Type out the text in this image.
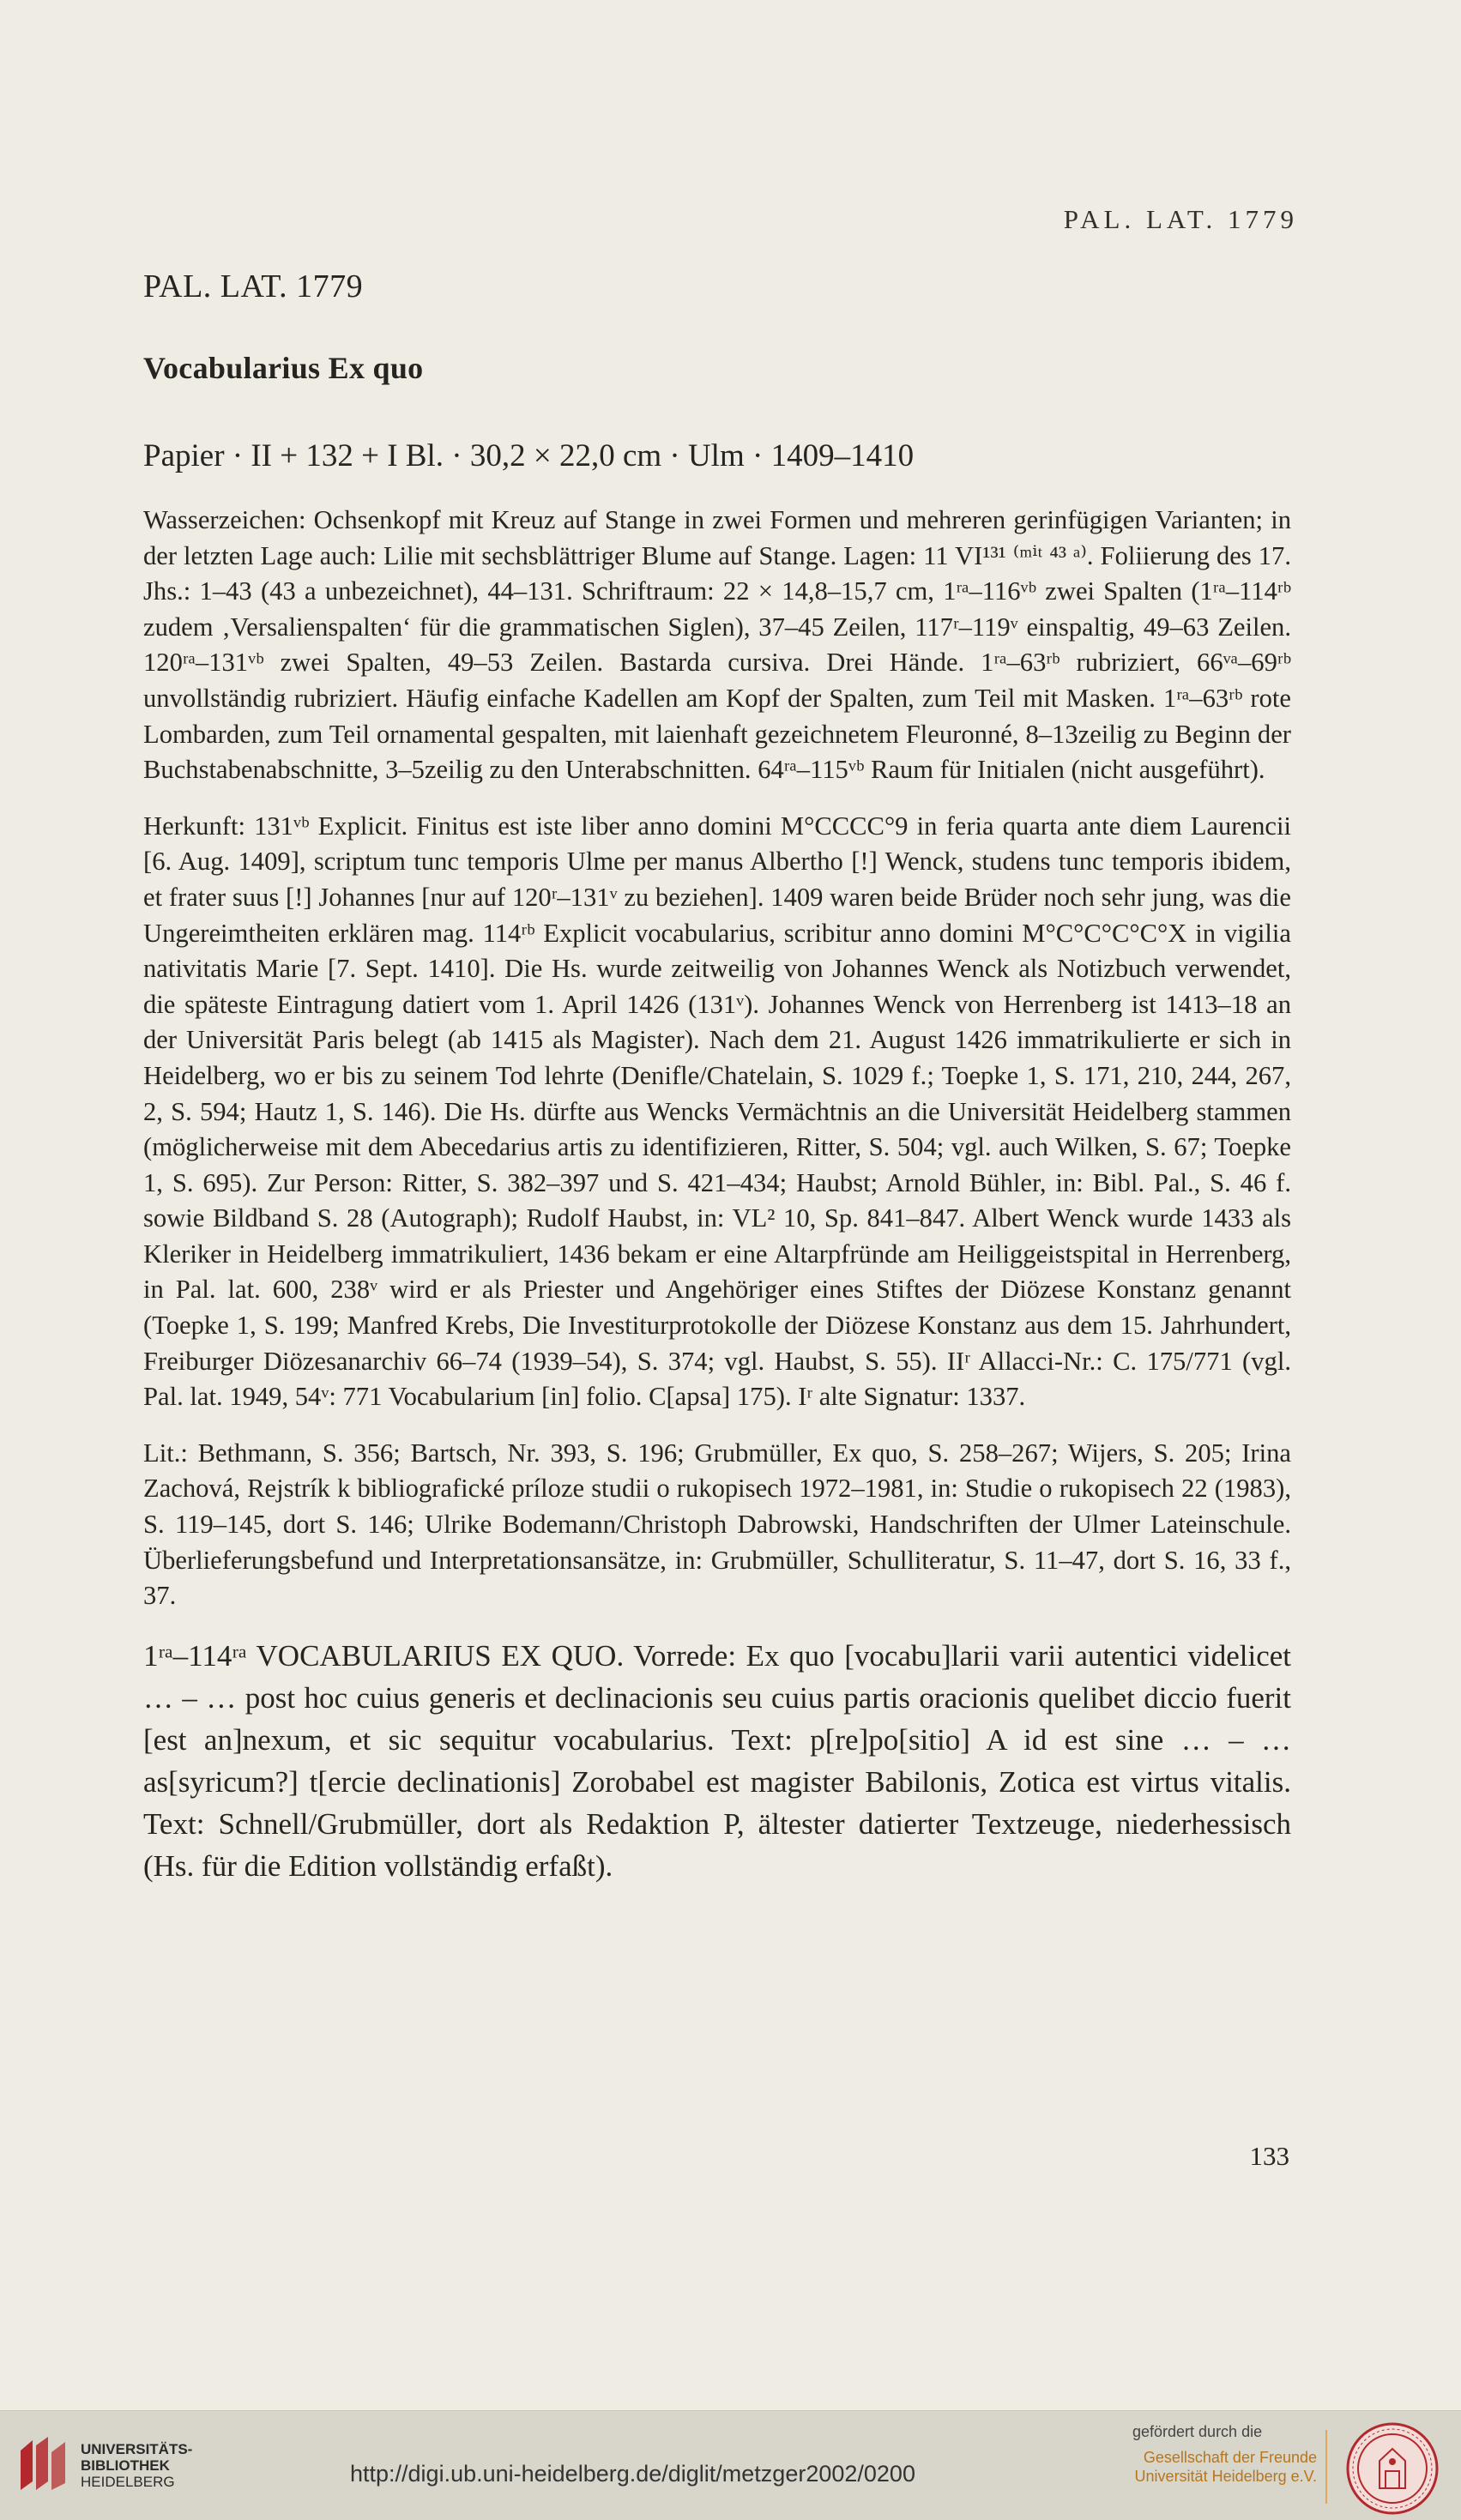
PAL. LAT. 1779
PAL. LAT. 1779
Vocabularius Ex quo
Papier · II + 132 + I Bl. · 30,2 × 22,0 cm · Ulm · 1409–1410

Wasserzeichen: Ochsenkopf mit Kreuz auf Stange in zwei Formen und mehreren gerinfügigen Varianten; in der letzten Lage auch: Lilie mit sechsblättriger Blume auf Stange. Lagen: 11 VI¹³¹ ⁽ᵐⁱᵗ ⁴³ ᵃ⁾. Foliierung des 17. Jhs.: 1–43 (43 a unbezeichnet), 44–131. Schriftraum: 22 × 14,8–15,7 cm, 1ʳᵃ–116ᵛᵇ zwei Spalten (1ʳᵃ–114ʳᵇ zudem ‚Versalienspalten‘ für die grammatischen Siglen), 37–45 Zeilen, 117ʳ–119ᵛ einspaltig, 49–63 Zeilen. 120ʳᵃ–131ᵛᵇ zwei Spalten, 49–53 Zeilen. Bastarda cursiva. Drei Hände. 1ʳᵃ–63ʳᵇ rubriziert, 66ᵛᵃ–69ʳᵇ unvollständig rubriziert. Häufig einfache Kadellen am Kopf der Spalten, zum Teil mit Masken. 1ʳᵃ–63ʳᵇ rote Lombarden, zum Teil ornamental gespalten, mit laienhaft gezeichnetem Fleuronné, 8–13zeilig zu Beginn der Buchstabenabschnitte, 3–5zeilig zu den Unterabschnitten. 64ʳᵃ–115ᵛᵇ Raum für Initialen (nicht ausgeführt).

Herkunft: 131ᵛᵇ Explicit. Finitus est iste liber anno domini M°CCCC°9 in feria quarta ante diem Laurencii [6. Aug. 1409], scriptum tunc temporis Ulme per manus Albertho [!] Wenck, studens tunc temporis ibidem, et frater suus [!] Johannes [nur auf 120ʳ–131ᵛ zu beziehen]. 1409 waren beide Brüder noch sehr jung, was die Ungereimtheiten erklären mag. 114ʳᵇ Explicit vocabularius, scribitur anno domini M°C°C°C°C°X in vigilia nativitatis Marie [7. Sept. 1410]. Die Hs. wurde zeitweilig von Johannes Wenck als Notizbuch verwendet, die späteste Eintragung datiert vom 1. April 1426 (131ᵛ). Johannes Wenck von Herrenberg ist 1413–18 an der Universität Paris belegt (ab 1415 als Magister). Nach dem 21. August 1426 immatrikulierte er sich in Heidelberg, wo er bis zu seinem Tod lehrte (Denifle/Chatelain, S. 1029 f.; Toepke 1, S. 171, 210, 244, 267, 2, S. 594; Hautz 1, S. 146). Die Hs. dürfte aus Wencks Vermächtnis an die Universität Heidelberg stammen (möglicherweise mit dem Abecedarius artis zu identifizieren, Ritter, S. 504; vgl. auch Wilken, S. 67; Toepke 1, S. 695). Zur Person: Ritter, S. 382–397 und S. 421–434; Haubst; Arnold Bühler, in: Bibl. Pal., S. 46 f. sowie Bildband S. 28 (Autograph); Rudolf Haubst, in: VL² 10, Sp. 841–847. Albert Wenck wurde 1433 als Kleriker in Heidelberg immatrikuliert, 1436 bekam er eine Altarpfründe am Heiliggeistspital in Herrenberg, in Pal. lat. 600, 238ᵛ wird er als Priester und Angehöriger eines Stiftes der Diözese Konstanz genannt (Toepke 1, S. 199; Manfred Krebs, Die Investiturprotokolle der Diözese Konstanz aus dem 15. Jahrhundert, Freiburger Diözesanarchiv 66–74 (1939–54), S. 374; vgl. Haubst, S. 55). IIʳ Allacci-Nr.: C. 175/771 (vgl. Pal. lat. 1949, 54ᵛ: 771 Vocabularium [in] folio. C[apsa] 175). Iʳ alte Signatur: 1337.

Lit.: Bethmann, S. 356; Bartsch, Nr. 393, S. 196; Grubmüller, Ex quo, S. 258–267; Wijers, S. 205; Irina Zachová, Rejstrík k bibliografické príloze studii o rukopisech 1972–1981, in: Studie o rukopisech 22 (1983), S. 119–145, dort S. 146; Ulrike Bodemann/Christoph Dabrowski, Handschriften der Ulmer Lateinschule. Überlieferungsbefund und Interpretationsansätze, in: Grubmüller, Schulliteratur, S. 11–47, dort S. 16, 33 f., 37.

1ʳᵃ–114ʳᵃ VOCABULARIUS EX QUO. Vorrede: Ex quo [vocabu]larii varii autentici videlicet … – … post hoc cuius generis et declinacionis seu cuius partis oracionis quelibet diccio fuerit [est an]nexum, et sic sequitur vocabularius. Text: p[re]po[sitio] A id est sine … – … as[syricum?] t[ercie declinationis] Zorobabel est magister Babilonis, Zotica est virtus vitalis. Text: Schnell/Grubmüller, dort als Redaktion P, ältester datierter Textzeuge, niederhessisch (Hs. für die Edition vollständig erfaßt).

133
UNIVERSITÄTS-
BIBLIOTHEK
HEIDELBERG	http://digi.ub.uni-heidelberg.de/diglit/metzger2002/0200
gefördert durch die
Gesellschaft der Freunde
Universität Heidelberg e.V.
